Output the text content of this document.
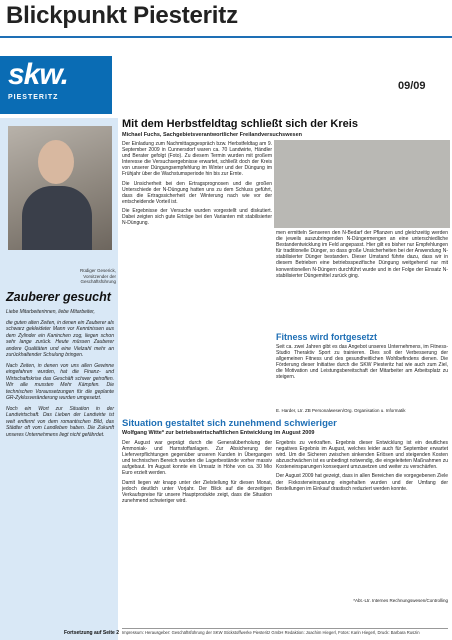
Blickpunkt Piesteritz
skw.
PIESTERITZ
09/09
Rüdiger Geserick, Vorsitzender der Geschäftsführung
Zauberer gesucht

Liebe Mitarbeiterinnen, liebe Mitarbeiter,

die guten alten Zeiten, in denen ein Zauberer als schwarz gekleideter Mann vor Kenntnissen aus dem Zylinder ein Kaninchen zog, liegen schon sehr lange zurück. Heute müssen Zauberer andere Qualitäten und eine Vielzahl mehr an zurückhaltender Schulung bringen.

Nach Zeiten, in denen von uns allen Gewinne eingefahren wurden, hat die Finanz- und Wirtschaftskrise das Geschäft schwer getroffen. Wir alle mussten Mehr Kämpfen. Die technischen Voraussetzungen für die geplante GR-Zyklusveränderung wurden umgesetzt.

Noch ein Wort zur Situation in der Landwirtschaft. Das Lieben der Landwirte ist weit entfernt von dem romantischen Bild, das Städter oft vom Landleben haben. Die Zukunft unseres Unternehmens liegt nicht gefährdet.

Fortsetzung auf Seite 2
Mit dem Herbstfeldtag schließt sich der Kreis
Michael Fuchs, Sachgebietsverantwortlicher Freilandversuchswesen

Der Einladung zum Nachmittagsgespräch bzw. Herbstfeldtag am 9. September 2009 in Cunnersdorf waren ca. 70 Landwirte, Händler und Berater gefolgt (Foto). Zu diesem Termin wurden mit großem Interesse die Versuchsergebnisse erwartet, schließt doch der Kreis von unserer Düngungsempfehlung im Winter und der Düngung im Frühjahr über die Wachstumsperiode hin bis zur Ernte.

Die Unsicherheit bei den Ertragsprognosen und die großen Unterschiede der N-Düngung hatten uns zu dem Schluss geführt, dass die Ertragssicherheit der Winterung nach wie vor der entscheidende Vorteil ist.

Die Ergebnisse der Versuche wurden vorgestellt und diskutiert. Dabei zeigten sich gute Erträge bei den Varianten mit stabilisierter N-Düngung.

men ermitteln Senseren den N-Bedarf der Pflanzen und gleichzeitig werden die jeweils auszubringenden N-Düngermengen an eine unterschiedliche Bestandentwicklung im Feld angepasst. Hier gilt es bisher nur Empfehlungen für traditionelle Dünger, so dass große Unsicherheiten bei der Anwendung N-stabilisierter Dünger bestanden. Dieser Umstand führte dazu, dass wir in diesem Betrieben eine betriebsspezifische Düngung weitgehend nur mit konventionellen N-Düngern durchführt wurde und in der Folge der Einsatz N-stabilisierter Düngemittel zurück ging.

Fitness wird fortgesetzt

Seit ca. zwei Jahren gibt es das Angebot unseres Unternehmens, im Fitness-Studio Theraktiv Sport zu trainieren. Dies soll der Verbesserung der allgemeinen Fitness und des gesundheitlichen Wohlbefindens dienen. Die Förderung dieser Initiative durch die SKW Piesteritz hat wie auch zum Ziel, die Motivation und Leistungsbereitschaft der Mitarbeiter am Arbeitsplatz zu steigern.

E. Harder, Ltr. ZB Personalwesen/Org. Organisation u. Informatik
Situation gestaltet sich zunehmend schwieriger
Wolfgang Witte* zur betriebswirtschaftlichen Entwicklung im August 2009

Der August war geprägt durch die Generalüberholung der Ammoniak- und Harnstoffanlagen. Zur Absicherung der Lieferverpflichtungen gegenüber unseren Kunden in Übergangen und technischen Bereich wurden die Lagerbestände vorher massiv aufgebaut. Im August konnte ein Umsatz in Höhe von ca. 30 Mio Euro erzielt werden.

Damit liegen wir knapp unter der Zielstellung für diesen Monat, jedoch deutlich unter Vorjahr. Der Blick auf die derzeitigen Verkaufspreise für unsere Hauptprodukte zeigt, dass die Situation zunehmend schwieriger wird.

Ergebnis zu verkraften. Ergebnis dieser Entwicklung ist ein deutliches negatives Ergebnis im August, welches leider auch für September erwartet wird. Um die Sicheren zwischen sinkenden Erlösen und steigenden Kosten abzuschwächen ist es unbedingt notwendig, die eingeleiteten Maßnahmen zu Kosteneinsparungen konsequent umzusetzen und weiter zu verschärfen.

Der August 2009 hat gezeigt, dass in allen Bereichen die vorgegebenen Ziele der Fixkosteneinsparung eingehalten wurden und der Umfang der Bestellungen im Einkauf drastisch reduziert werden konnte.

*Abt.-Ltr. Internes Rechnungswesen/Controlling
Impressum: Herausgeber: Geschäftsführung der SKW Stickstoffwerke Piesteritz GmbH Redaktion: Joachim Hiegerl, Fotos: Karin Hiegerl, Druck: Barbara Ruszin
